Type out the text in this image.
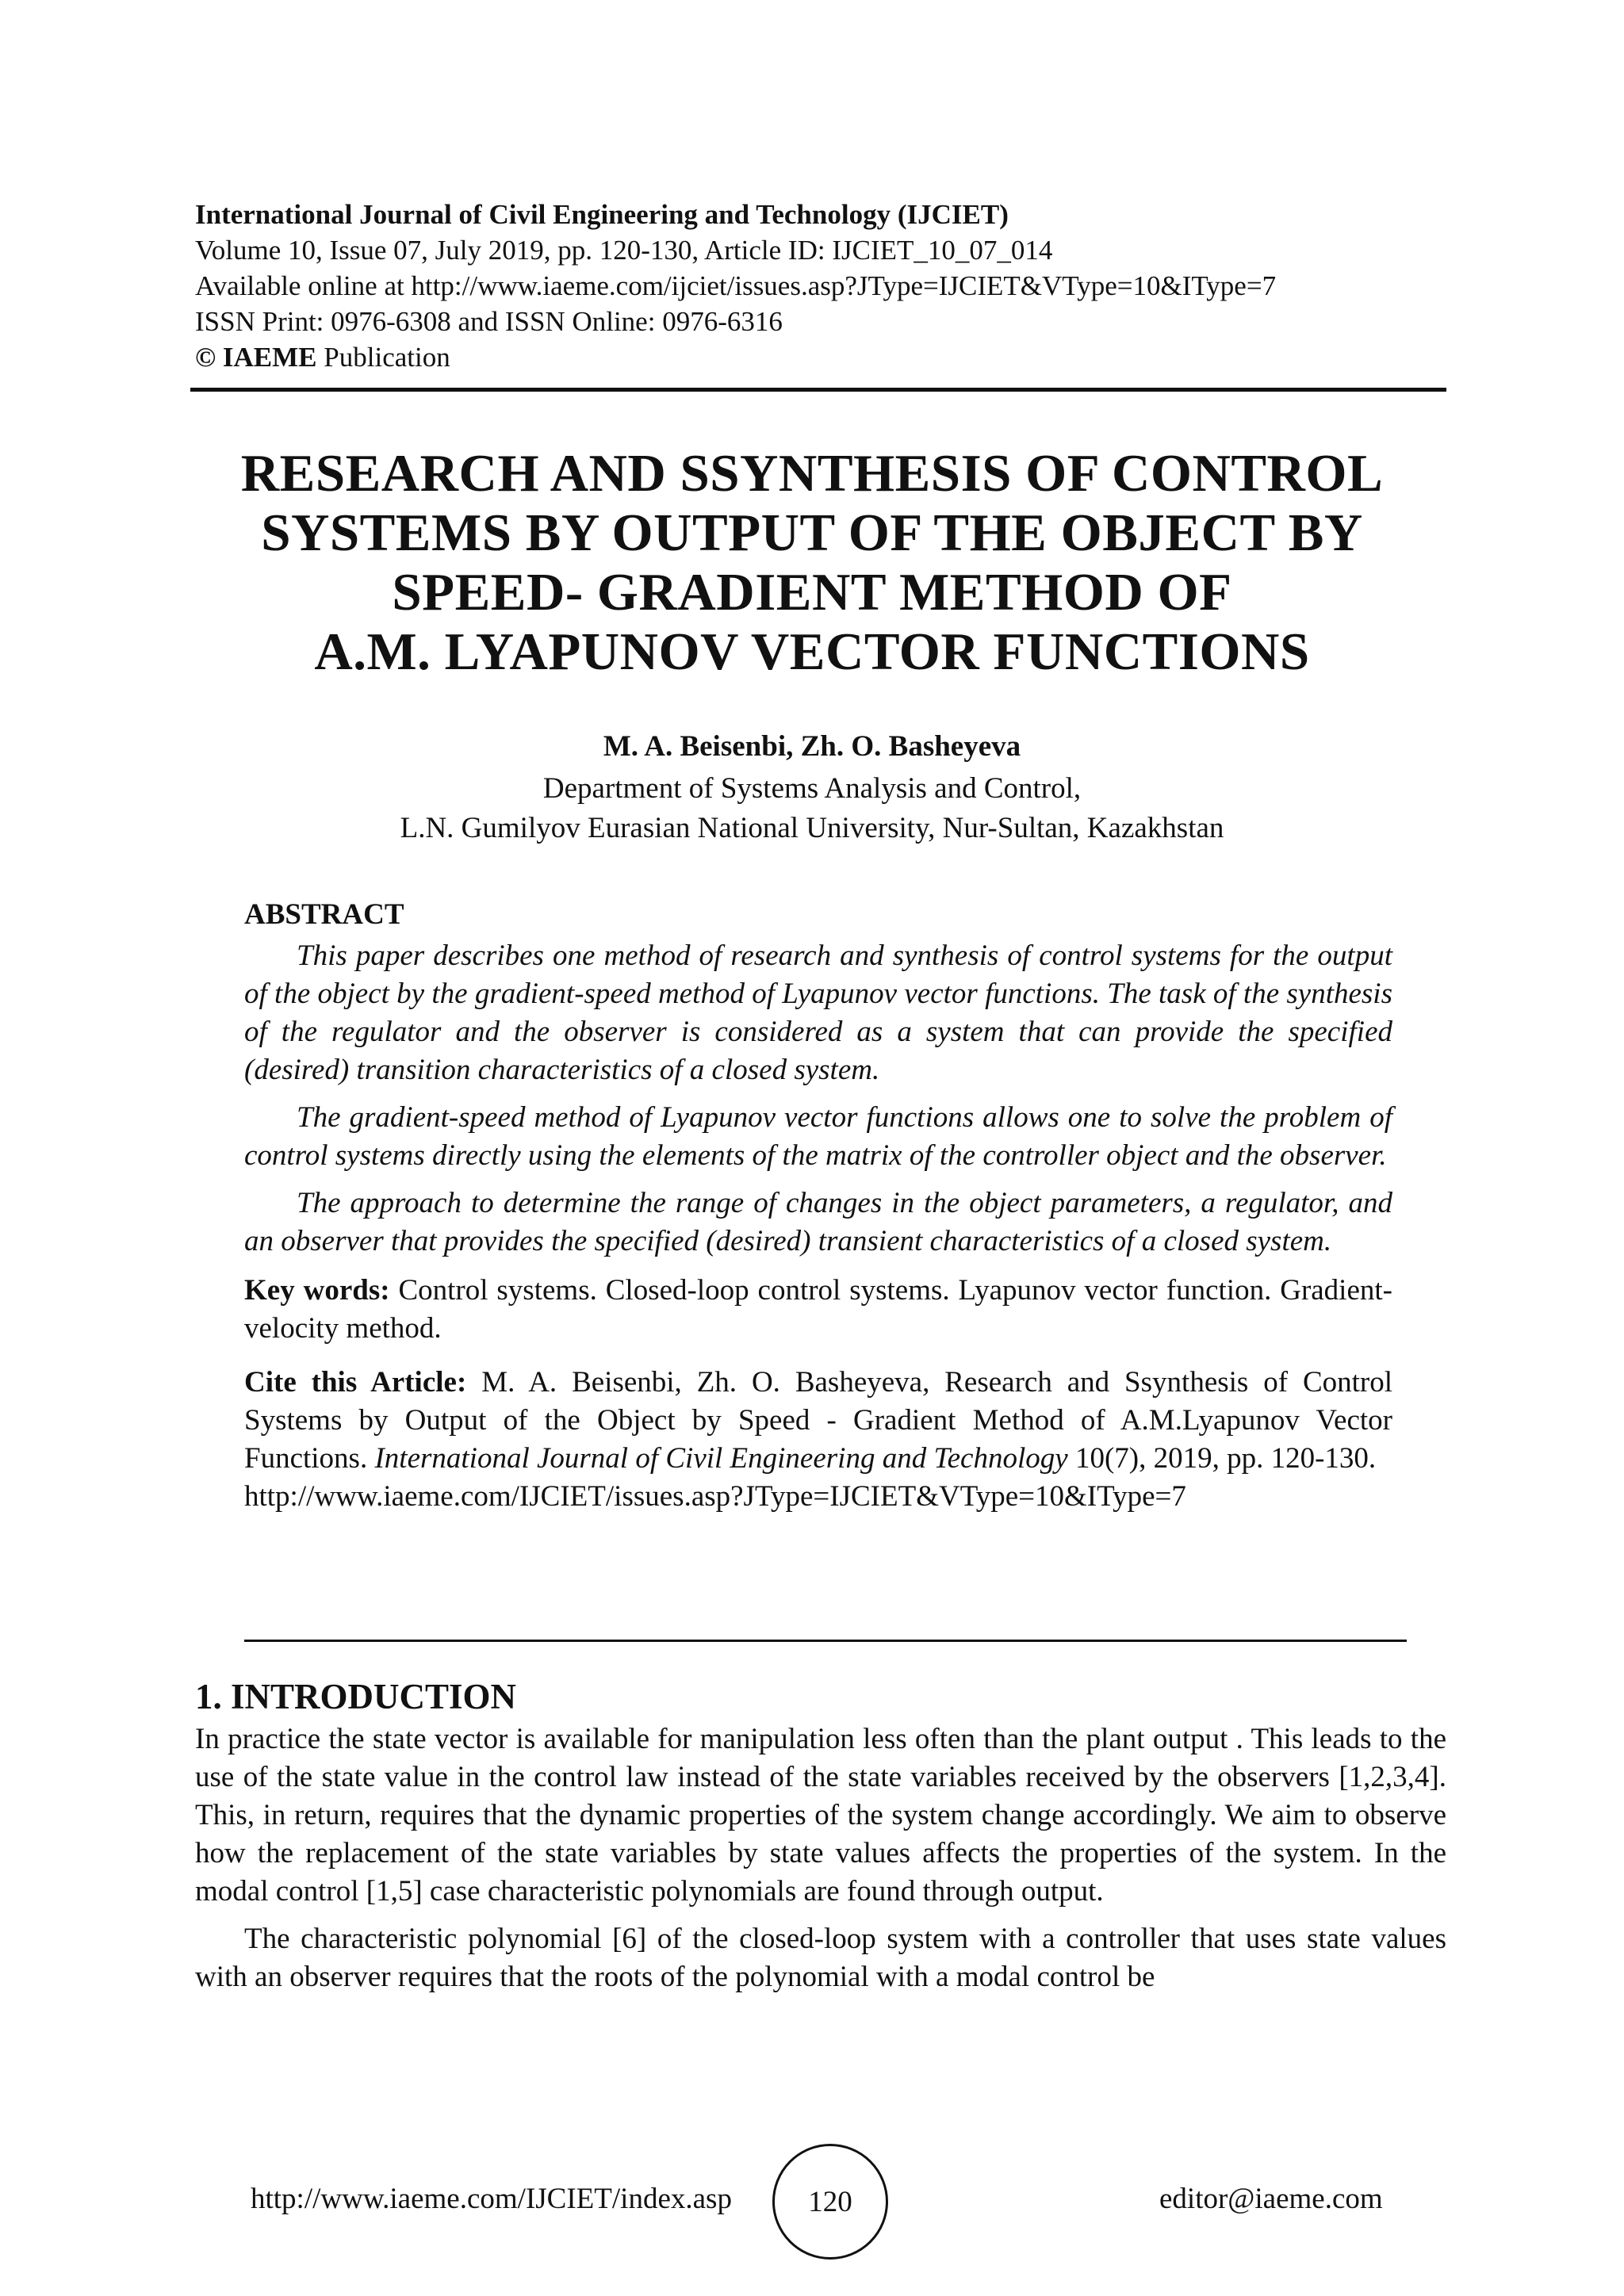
International Journal of Civil Engineering and Technology (IJCIET)
Volume 10, Issue 07, July 2019, pp. 120-130, Article ID: IJCIET_10_07_014
Available online at http://www.iaeme.com/ijciet/issues.asp?JType=IJCIET&VType=10&IType=7
ISSN Print: 0976-6308 and ISSN Online: 0976-6316
© IAEME Publication
RESEARCH AND SSYNTHESIS OF CONTROL
SYSTEMS BY OUTPUT OF THE OBJECT BY
SPEED- GRADIENT METHOD OF
A.M. LYAPUNOV VECTOR FUNCTIONS
M. A. Beisenbi, Zh. O. Basheyeva
Department of Systems Analysis and Control,
L.N. Gumilyov Eurasian National University, Nur-Sultan, Kazakhstan
ABSTRACT

This paper describes one method of research and synthesis of control systems for the output of the object by the gradient-speed method of Lyapunov vector functions. The task of the synthesis of the regulator and the observer is considered as a system that can provide the specified (desired) transition characteristics of a closed system.

The gradient-speed method of Lyapunov vector functions allows one to solve the problem of control systems directly using the elements of the matrix of the controller object and the observer.

The approach to determine the range of changes in the object parameters, a regulator, and an observer that provides the specified (desired) transient characteristics of a closed system.

Key words: Control systems. Closed-loop control systems. Lyapunov vector function. Gradient-velocity method.
Cite this Article: M. A. Beisenbi, Zh. O. Basheyeva, Research and Ssynthesis of Control Systems by Output of the Object by Speed - Gradient Method of A.M.Lyapunov Vector Functions. International Journal of Civil Engineering and Technology 10(7), 2019, pp. 120-130.
http://www.iaeme.com/IJCIET/issues.asp?JType=IJCIET&VType=10&IType=7
1. INTRODUCTION

In practice the state vector is available for manipulation less often than the plant output . This leads to the use of the state value in the control law instead of the state variables received by the observers [1,2,3,4]. This, in return, requires that the dynamic properties of the system change accordingly. We aim to observe how the replacement of the state variables by state values affects the properties of the system. In the modal control [1,5] case characteristic polynomials are found through output.

The characteristic polynomial [6] of the closed-loop system with a controller that uses state values with an observer requires that the roots of the polynomial with a modal control be

http://www.iaeme.com/IJCIET/index.asp	120	editor@iaeme.com
